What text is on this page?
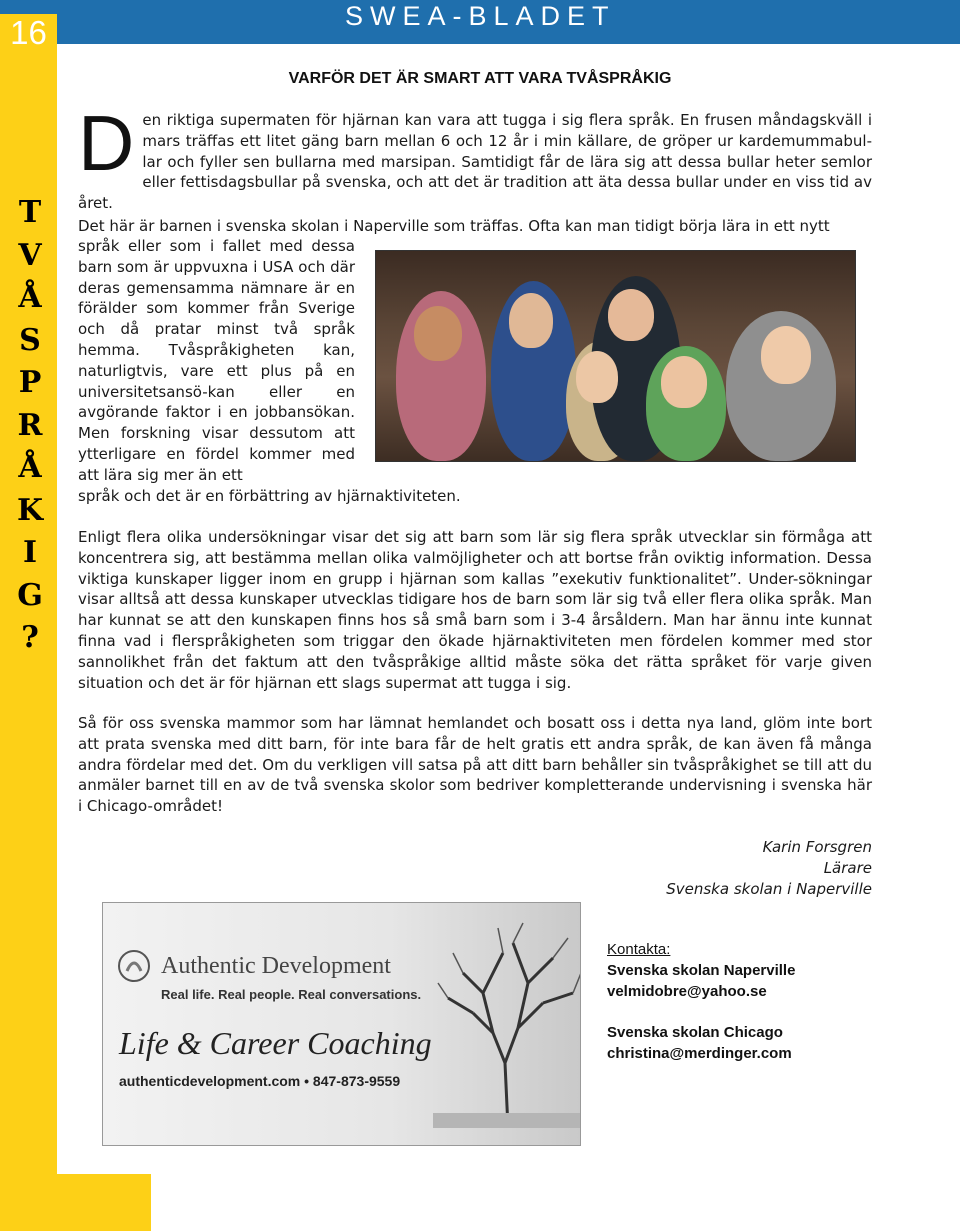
SWEA-BLADET
16
T
V
Å
S
P
R
Å
K
I
G
?
VARFÖR DET ÄR SMART ATT VARA TVÅSPRÅKIG
D en riktiga supermaten för hjärnan kan vara att tugga i sig flera språk. En frusen måndagskväll i mars träffas ett litet gäng barn mellan 6 och 12 år i min källare, de gröper ur kardemummabul-lar och fyller sen bullarna med marsipan. Samtidigt får de lära sig att dessa bullar heter semlor eller fettisdagsbullar på svenska, och att det är tradition att äta dessa bullar under en viss tid av året.
Det här är barnen i svenska skolan i Naperville som träffas. Ofta kan man tidigt börja lära in ett nytt
språk eller som i fallet med dessa barn som är uppvuxna i USA och där deras gemensamma nämnare är en förälder som kommer från Sverige och då pratar minst två språk hemma. Tvåspråkigheten kan, naturligtvis, vare ett plus på en universitetsansö-kan eller en avgörande faktor i en jobbansökan. Men forskning visar dessutom att ytterligare en fördel kommer med att lära sig mer än ett
språk och det är en förbättring av hjärnaktiviteten.
Enligt flera olika undersökningar visar det sig att barn som lär sig flera språk utvecklar sin förmåga att koncentrera sig, att bestämma mellan olika valmöjligheter och att bortse från oviktig information. Dessa viktiga kunskaper ligger inom en grupp i hjärnan som kallas ”exekutiv funktionalitet”. Under-sökningar visar alltså att dessa kunskaper utvecklas tidigare hos de barn som lär sig två eller flera olika språk. Man har kunnat se att den kunskapen finns hos så små barn som i 3-4 årsåldern. Man har ännu inte kunnat finna vad i flerspråkigheten som triggar den ökade hjärnaktiviteten men fördelen kommer med stor sannolikhet från det faktum att den tvåspråkige alltid måste söka det rätta språket för varje given situation och det är för hjärnan ett slags supermat att tugga i sig.
Så för oss svenska mammor som har lämnat hemlandet och bosatt oss i detta nya land, glöm inte bort att prata svenska med ditt barn, för inte bara får de helt gratis ett andra språk, de kan även få många andra fördelar med det. Om du verkligen vill satsa på att ditt barn behåller sin tvåspråkighet se till att du anmäler barnet till en av de två svenska skolor som bedriver kompletterande undervisning i svenska här i Chicago-området!
Karin Forsgren
Lärare
Svenska skolan i Naperville
Authentic Development
Real life. Real people. Real conversations.
Life & Career Coaching
authenticdevelopment.com • 847-873-9559
Kontakta:
Svenska skolan Naperville
velmidobre@yahoo.se
Svenska skolan Chicago
christina@merdinger.com
